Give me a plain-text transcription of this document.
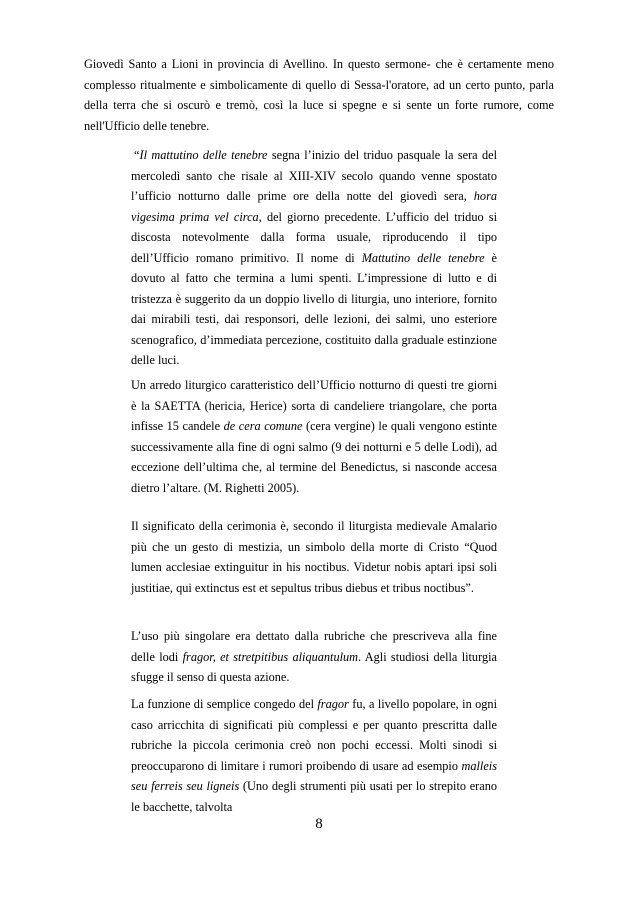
Giovedì Santo a Lioni in provincia di Avellino. In questo sermone- che è certamente meno complesso ritualmente e simbolicamente di quello di Sessa-l'oratore, ad un certo punto, parla della terra che si oscurò e tremò, così la luce si spegne e si sente un forte rumore, come nell'Ufficio delle tenebre.

“Il mattutino delle tenebre segna l’inizio del triduo pasquale la sera del mercoledì santo che risale al XIII-XIV secolo quando venne spostato l’ufficio notturno dalle prime ore della notte del giovedì sera, hora vigesima prima vel circa, del giorno precedente. L’ufficio del triduo si discosta notevolmente dalla forma usuale, riproducendo il tipo dell’Ufficio romano primitivo. Il nome di Mattutino delle tenebre è dovuto al fatto che termina a lumi spenti. L’impressione di lutto e di tristezza è suggerito da un doppio livello di liturgia, uno interiore, fornito dai mirabili testi, dai responsori, delle lezioni, dei salmi, uno esteriore scenografico, d’immediata percezione, costituito dalla graduale estinzione delle luci.

Un arredo liturgico caratteristico dell’Ufficio notturno di questi tre giorni è la SAETTA (hericia, Herice) sorta di candeliere triangolare, che porta infisse 15 candele de cera comune (cera vergine) le quali vengono estinte successivamente alla fine di ogni salmo (9 dei notturni e 5 delle Lodi), ad eccezione dell’ultima che, al termine del Benedictus, si nasconde accesa dietro l’altare. (M. Righetti 2005).

Il significato della cerimonia è, secondo il liturgista medievale Amalario più che un gesto di mestizia, un simbolo della morte di Cristo “Quod lumen acclesiae extinguitur in his noctibus. Videtur nobis aptari ipsi soli justitiae, qui extinctus est et sepultus tribus diebus et tribus noctibus”.

L’uso più singolare era dettato dalla rubriche che prescriveva alla fine delle lodi fragor, et stretpitibus aliquantulum. Agli studiosi della liturgia sfugge il senso di questa azione.

La funzione di semplice congedo del fragor fu, a livello popolare, in ogni caso arricchita di significati più complessi e per quanto prescritta dalle rubriche la piccola cerimonia creò non pochi eccessi. Molti sinodi si preoccuparono di limitare i rumori proibendo di usare ad esempio malleis seu ferreis seu ligneis (Uno degli strumenti più usati per lo strepito erano le bacchette, talvolta

8
